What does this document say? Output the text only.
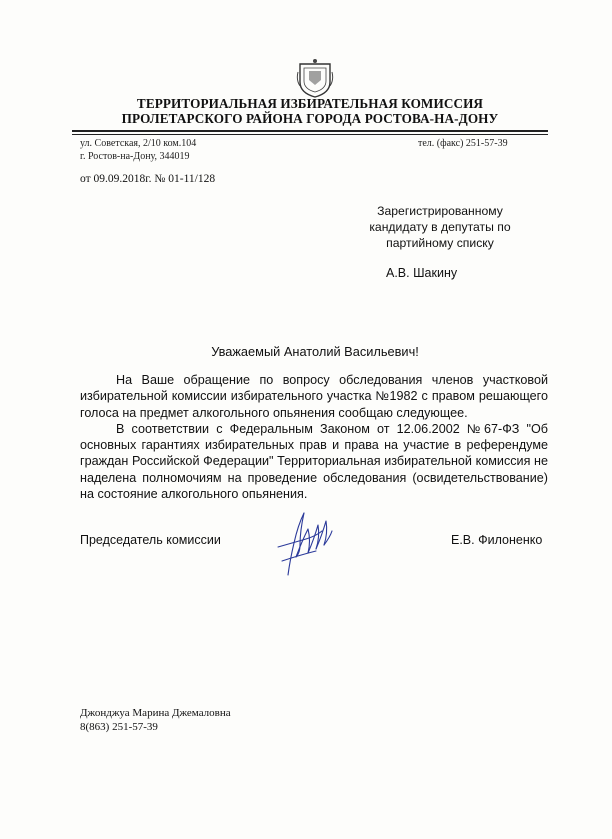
ТЕРРИТОРИАЛЬНАЯ ИЗБИРАТЕЛЬНАЯ КОМИССИЯ
ПРОЛЕТАРСКОГО РАЙОНА ГОРОДА РОСТОВА-НА-ДОНУ
ул. Советская, 2/10 ком.104
г. Ростов-на-Дону, 344019
тел. (факс) 251-57-39
от 09.09.2018г. № 01-11/128
Зарегистрированному
кандидату в депутаты по
партийному списку
А.В. Шакину
Уважаемый Анатолий Васильевич!

На Ваше обращение по вопросу обследования членов участковой избирательной комиссии избирательного участка №1982 с правом решающего голоса на предмет алкогольного опьянения сообщаю следующее.

В соответствии с Федеральным Законом от 12.06.2002 №67-ФЗ "Об основных гарантиях избирательных прав и права на участие в референдуме граждан Российской Федерации" Территориальная избирательной комиссия не наделена полномочиям на проведение обследования (освидетельствование) на состояние алкогольного опьянения.

Председатель комиссии	Е.В. Филоненко
Джонджуа Марина Джемаловна
8(863) 251-57-39
